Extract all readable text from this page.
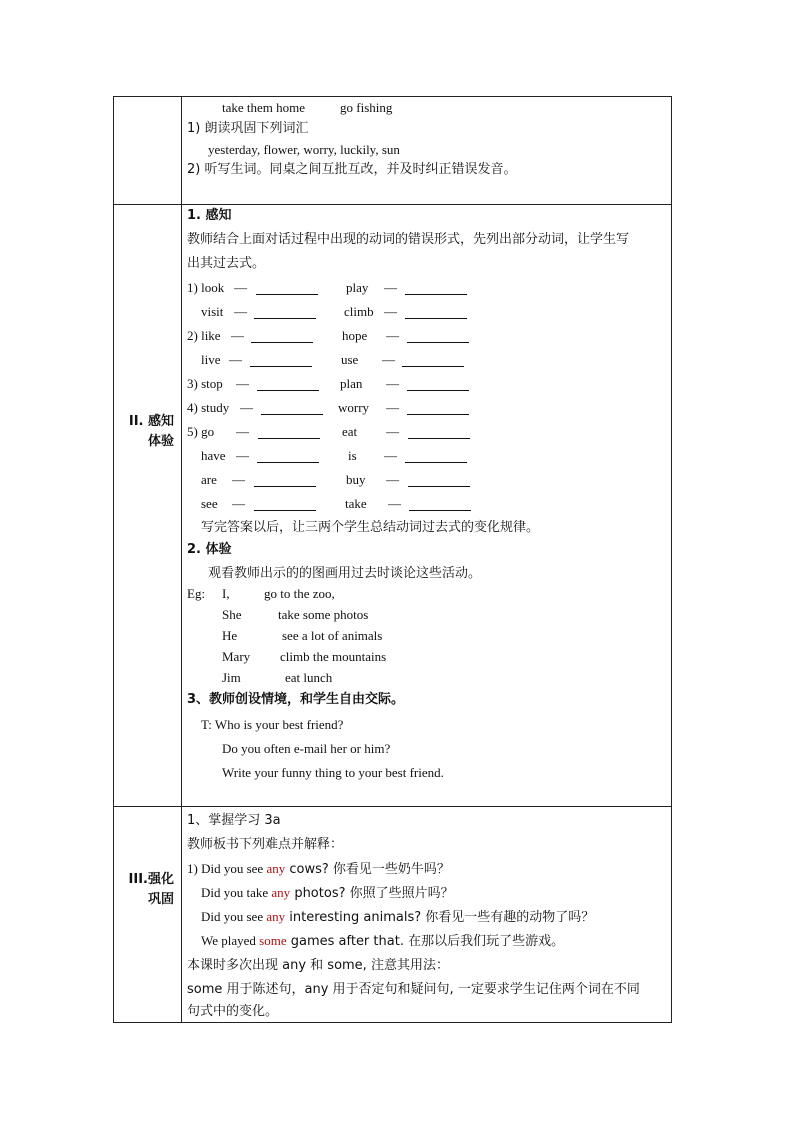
take them home	go fishing
1) 朗读巩固下列词汇
yesterday, flower, worry, luckily, sun
2) 听写生词。同桌之间互批互改，并及时纠正错误发音。
II. 感知
体验
1. 感知
教师结合上面对话过程中出现的动词的错误形式，先列出部分动词，让学生写
出其过去式。
1) look —	play —
visit —	climb —
2) like —	hope —
live —	use —
3) stop —	plan —
4) study —	worry —
5) go —	eat —
have —	is —
are —	buy —
see —	take —
写完答案以后，让三两个学生总结动词过去式的变化规律。
2. 体验
观看教师出示的的图画用过去时谈论这些活动。
Eg: I,	go to the zoo,
She	take some photos
He	see a lot of animals
Mary climb the mountains
Jim	eat lunch
3、教师创设情境，和学生自由交际。
T: Who is your best friend?
Do you often e-mail her or him?
Write your funny thing to your best friend.
III.强化
巩固
1、掌握学习 3a
教师板书下列难点并解释：
1) Did you see any cows? 你看见一些奶牛吗？
Did you take any photos? 你照了些照片吗？
Did you see any interesting animals? 你看见一些有趣的动物了吗？
We played some games after that. 在那以后我们玩了些游戏。
本课时多次出现 any 和 some, 注意其用法：
some 用于陈述句，any 用于否定句和疑问句, 一定要求学生记住两个词在不同
句式中的变化。
